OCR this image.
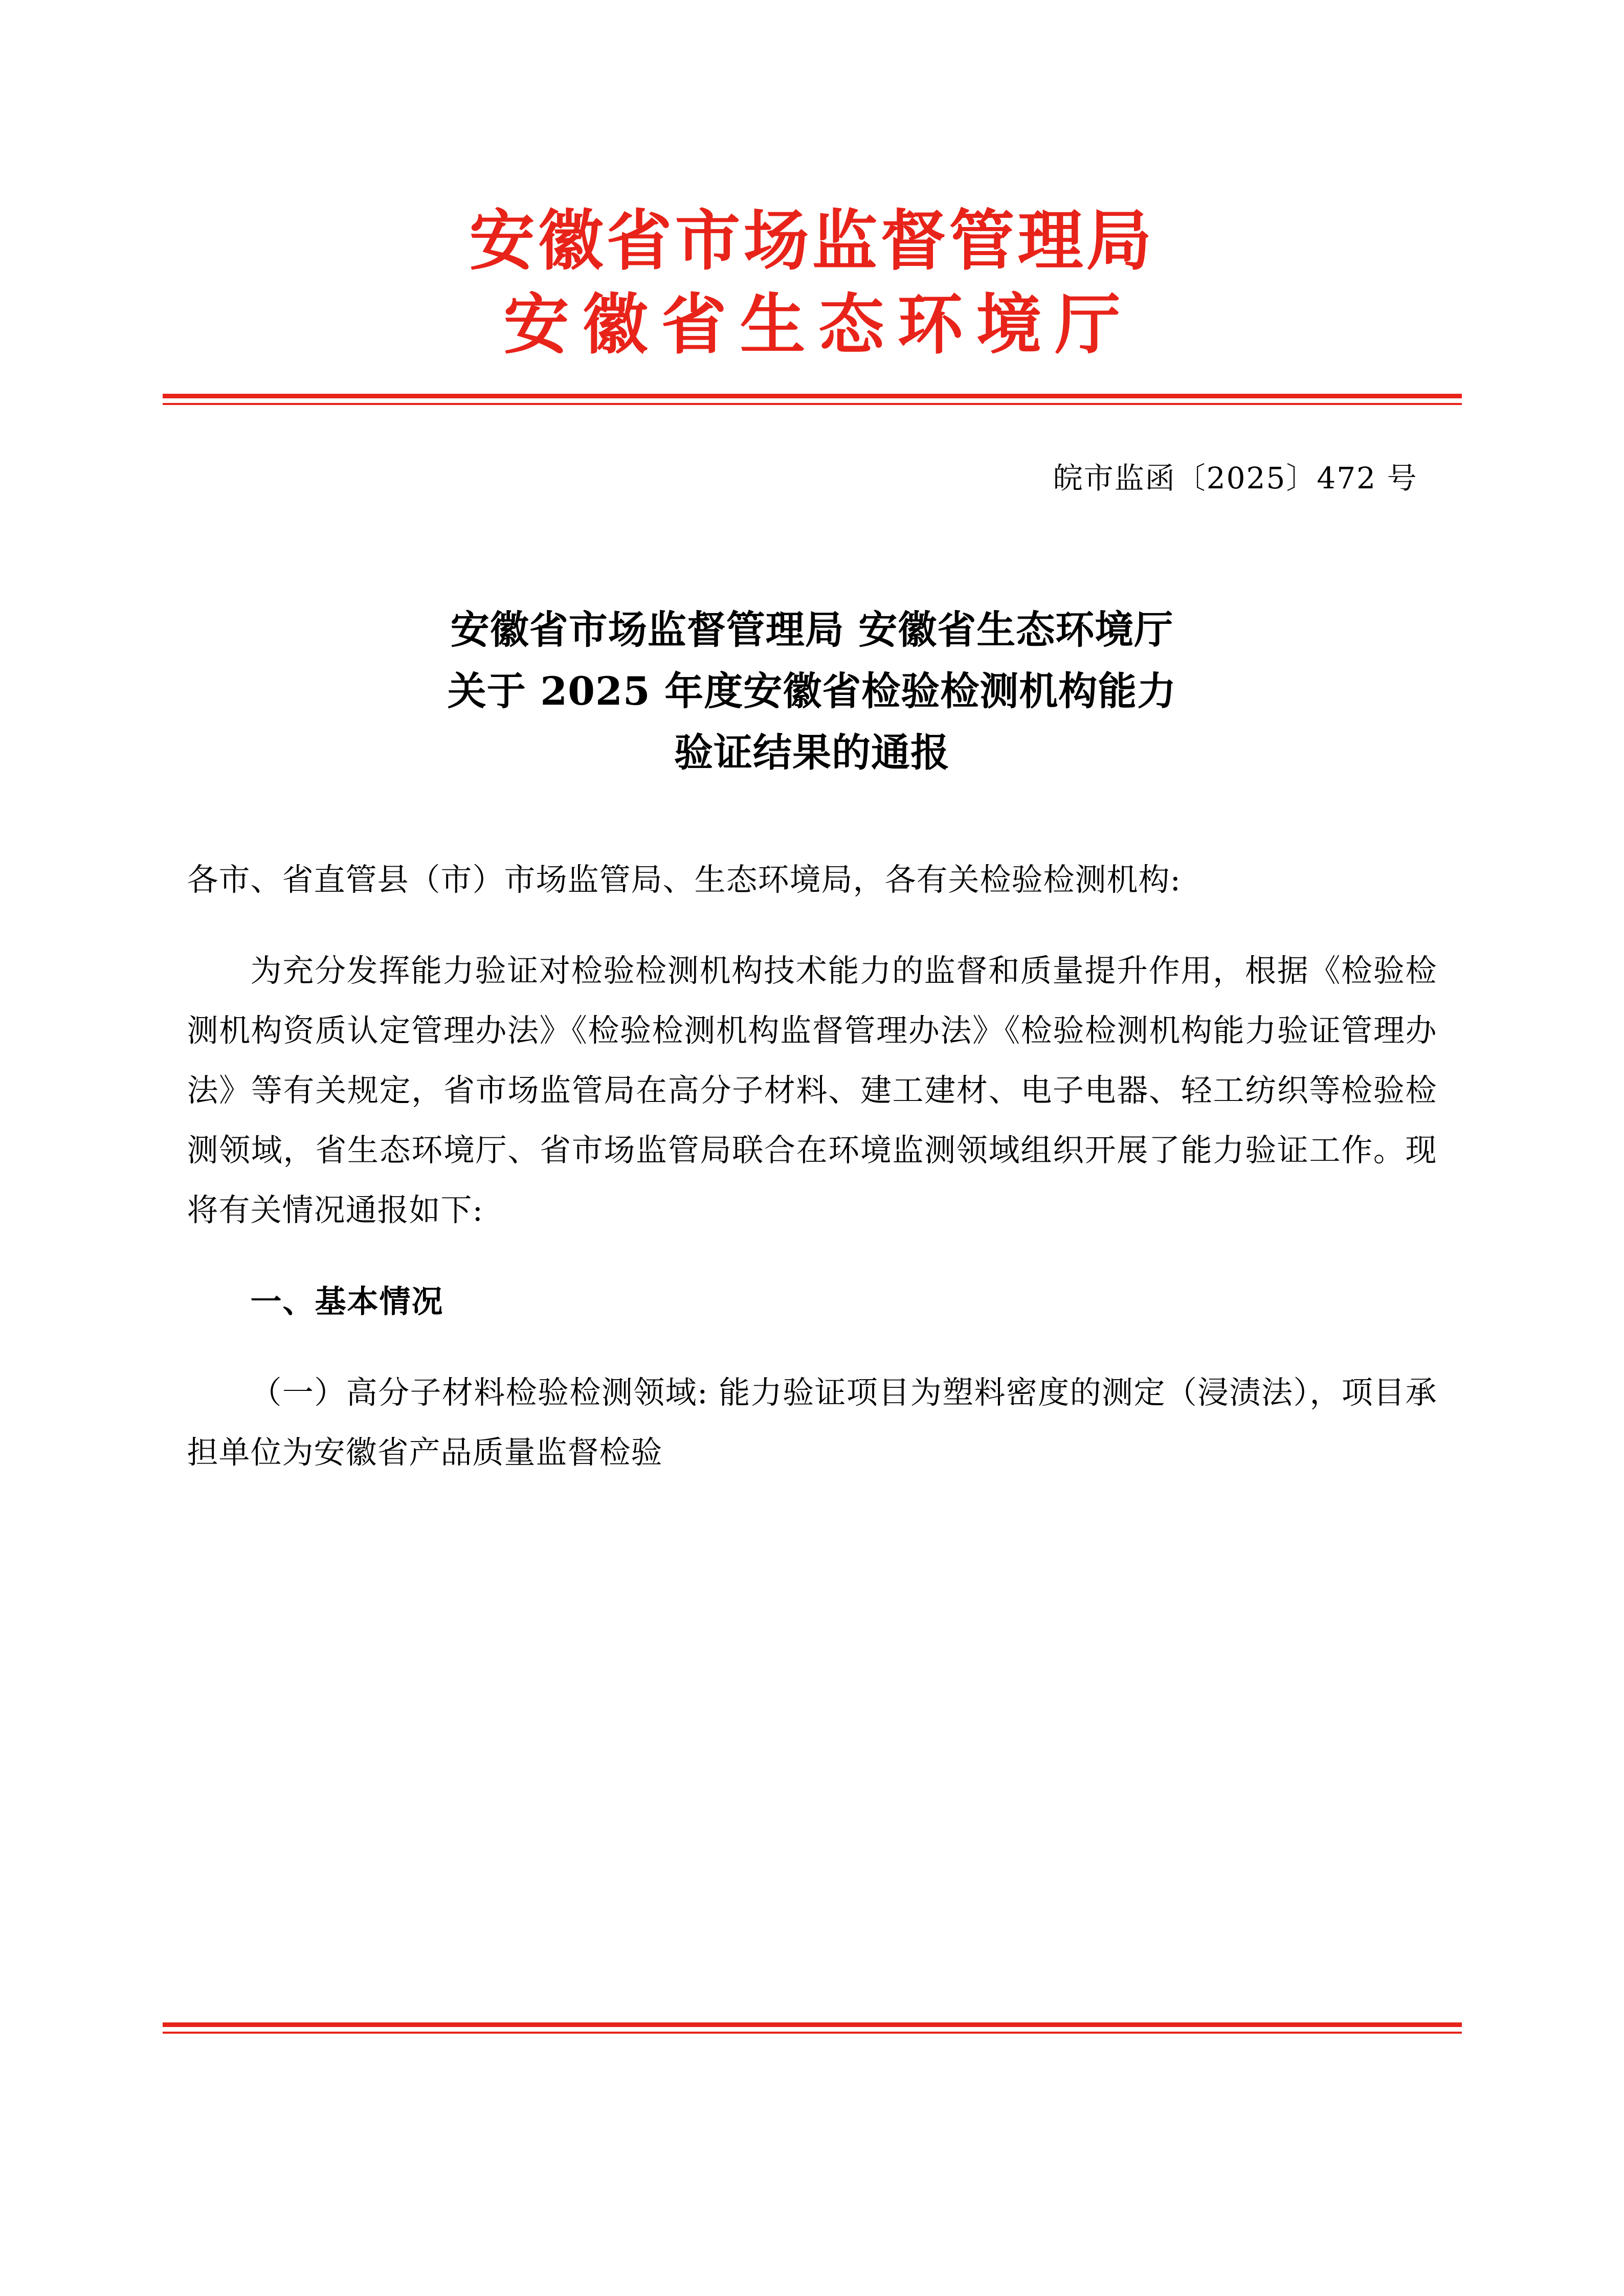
安徽省市场监督管理局
安徽省生态环境厅
皖市监函〔2025〕472 号
安徽省市场监督管理局 安徽省生态环境厅
关于 2025 年度安徽省检验检测机构能力
验证结果的通报

各市、省直管县（市）市场监管局、生态环境局，各有关检验检测机构:

为充分发挥能力验证对检验检测机构技术能力的监督和质量提升作用，根据《检验检测机构资质认定管理办法》《检验检测机构监督管理办法》《检验检测机构能力验证管理办法》等有关规定，省市场监管局在高分子材料、建工建材、电子电器、轻工纺织等检验检测领域，省生态环境厅、省市场监管局联合在环境监测领域组织开展了能力验证工作。现将有关情况通报如下:

一、基本情况

（一）高分子材料检验检测领域: 能力验证项目为塑料密度的测定（浸渍法），项目承担单位为安徽省产品质量监督检验
